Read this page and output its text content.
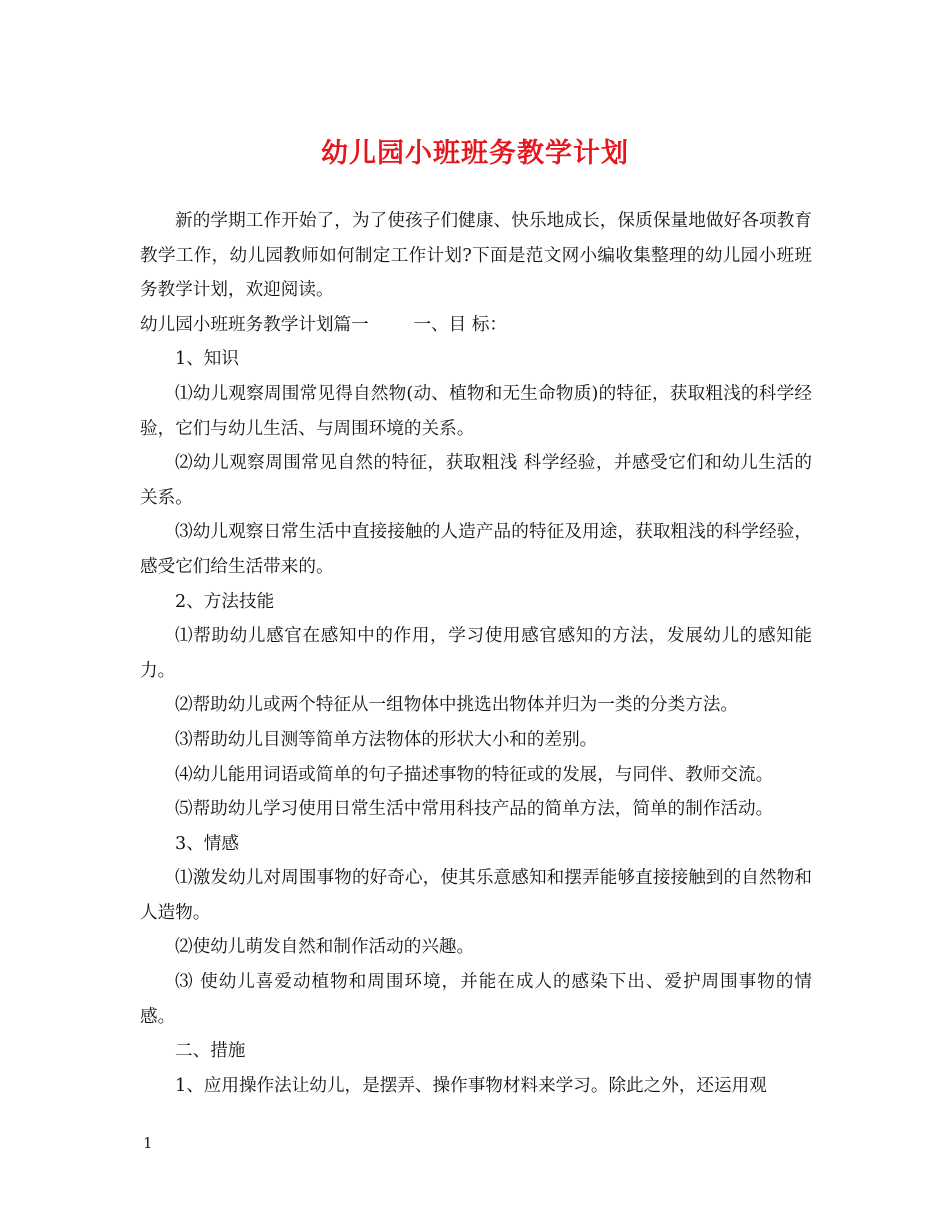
幼儿园小班班务教学计划

新的学期工作开始了，为了使孩子们健康、快乐地成长，保质保量地做好各项教育教学工作，幼儿园教师如何制定工作计划?下面是范文网小编收集整理的幼儿园小班班务教学计划，欢迎阅读。

幼儿园小班班务教学计划篇一        一、目 标：

1、知识

⑴幼儿观察周围常见得自然物(动、植物和无生命物质)的特征，获取粗浅的科学经验，它们与幼儿生活、与周围环境的关系。

⑵幼儿观察周围常见自然的特征，获取粗浅 科学经验，并感受它们和幼儿生活的关系。

⑶幼儿观察日常生活中直接接触的人造产品的特征及用途，获取粗浅的科学经验，感受它们给生活带来的。

2、方法技能

⑴帮助幼儿感官在感知中的作用，学习使用感官感知的方法，发展幼儿的感知能力。

⑵帮助幼儿或两个特征从一组物体中挑选出物体并归为一类的分类方法。

⑶帮助幼儿目测等简单方法物体的形状大小和的差别。

⑷幼儿能用词语或简单的句子描述事物的特征或的发展，与同伴、教师交流。

⑸帮助幼儿学习使用日常生活中常用科技产品的简单方法，简单的制作活动。

3、情感

⑴激发幼儿对周围事物的好奇心，使其乐意感知和摆弄能够直接接触到的自然物和人造物。

⑵使幼儿萌发自然和制作活动的兴趣。

⑶ 使幼儿喜爱动植物和周围环境，并能在成人的感染下出、爱护周围事物的情感。

二、措施

1、应用操作法让幼儿，是摆弄、操作事物材料来学习。除此之外，还运用观

1
